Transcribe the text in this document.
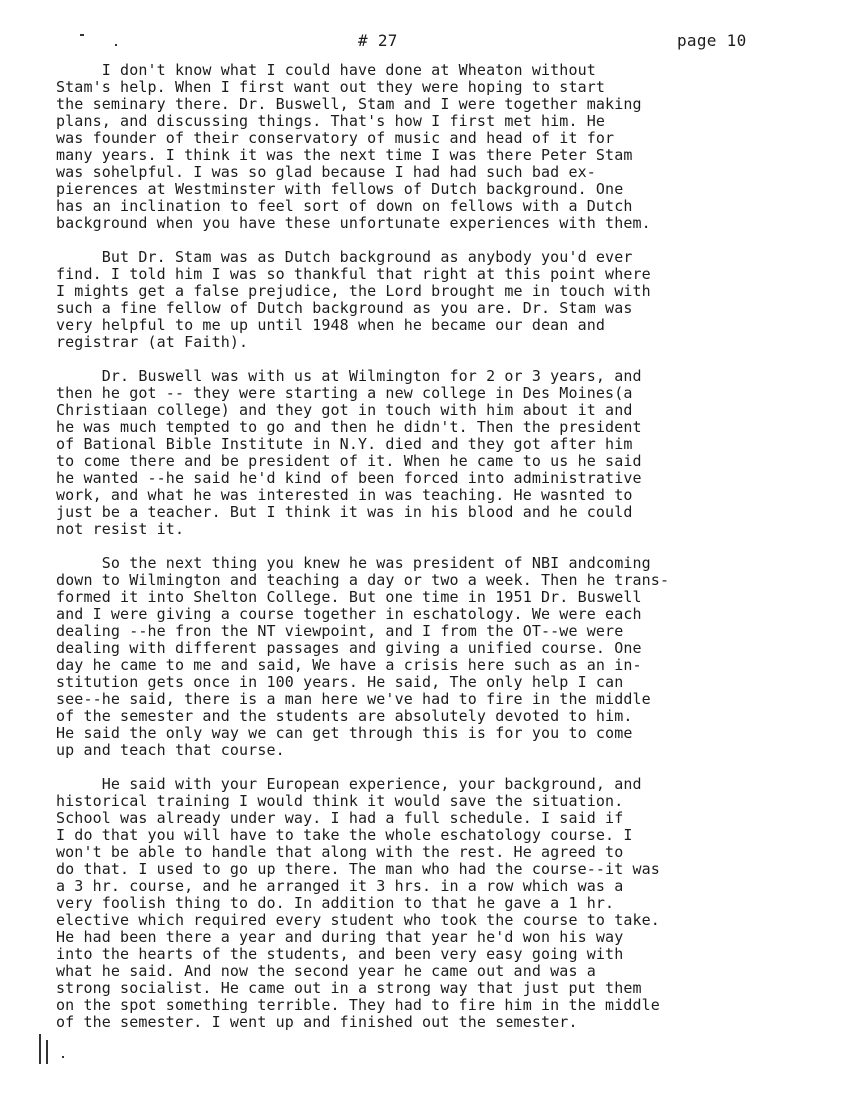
# 27	page 10
I don't know what I could have done at Wheaton without
Stam's help. When I first want out they were hoping to start
the seminary there. Dr. Buswell, Stam and I were together making
plans, and discussing things. That's how I first met him. He
was founder of their conservatory of music and head of it for
many years. I think it was the next time I was there Peter Stam
was sohelpful. I was so glad because I had had such bad ex-
pierences at Westminster with fellows of Dutch background. One
has an inclination to feel sort of down on fellows with a Dutch
background when you have these unfortunate experiences with them.
But Dr. Stam was as Dutch background as anybody you'd ever
find. I told him I was so thankful that right at this point where
I mights get a false prejudice, the Lord brought me in touch with
such a fine fellow of Dutch background as you are. Dr. Stam was
very helpful to me up until 1948 when he became our dean and
registrar (at Faith).
Dr. Buswell was with us at Wilmington for 2 or 3 years, and
then he got -- they were starting a new college in Des Moines(a
Christiaan college) and they got in touch with him about it and
he was much tempted to go and then he didn't. Then the president
of Bational Bible Institute in N.Y. died and they got after him
to come there and be president of it. When he came to us he said
he wanted --he said he'd kind of been forced into administrative
work, and what he was interested in was teaching. He wasnted to
just be a teacher. But I think it was in his blood and he could
not resist it.
So the next thing you knew he was president of NBI andcoming
down to Wilmington and teaching a day or two a week. Then he trans-
formed it into Shelton College. But one time in 1951 Dr. Buswell
and I were giving a course together in eschatology. We were each
dealing --he fron the NT viewpoint, and I from the OT--we were
dealing with different passages and giving a unified course. One
day he came to me and said, We have a crisis here such as an in-
stitution gets once in 100 years. He said, The only help I can
see--he said, there is a man here we've had to fire in the middle
of the semester and the students are absolutely devoted to him.
He said the only way we can get through this is for you to come
up and teach that course.
He said with your European experience, your background, and
historical training I would think it would save the situation.
School was already under way. I had a full schedule. I said if
I do that you will have to take the whole eschatology course. I
won't be able to handle that along with the rest. He agreed to
do that. I used to go up there. The man who had the course--it was
a 3 hr. course, and he arranged it 3 hrs. in a row which was a
very foolish thing to do. In addition to that he gave a 1 hr.
elective which required every student who took the course to take.
He had been there a year and during that year he'd won his way
into the hearts of the students, and been very easy going with
what he said. And now the second year he came out and was a
strong socialist. He came out in a strong way that just put them
on the spot something terrible. They had to fire him in the middle
of the semester. I went up and finished out the semester.
